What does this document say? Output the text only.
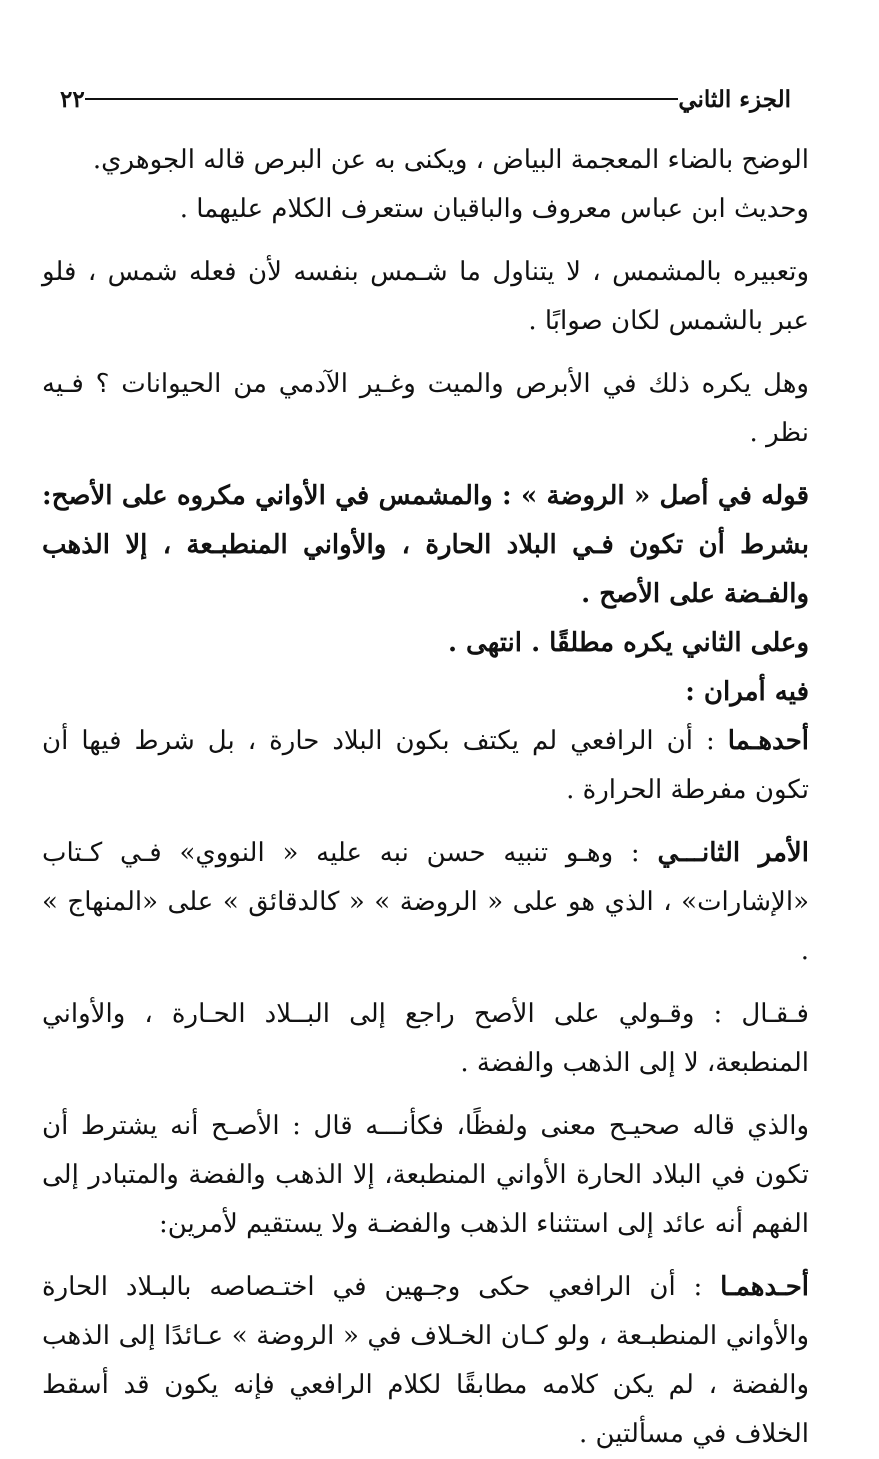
الجزء الثاني
٢٢

الوضح بالضاء المعجمة البياض ، ويكنى به عن البرص قاله الجوهري.

وحديث ابن عباس معروف والباقيان ستعرف الكلام عليهما .

وتعبيره بالمشمس ، لا يتناول ما شـمس بنفسه لأن فعله شمس ، فلو عبر بالشمس لكان صوابًا .

وهل يكره ذلك في الأبرص والميت وغـير الآدمي من الحيوانات ؟ فـيه نظر .

قوله في أصل « الروضة » : والمشمس في الأواني مكروه على الأصح: بشرط أن تكون فـي البلاد الحارة ، والأواني المنطبـعة ، إلا الذهب والفـضة على الأصح .

وعلى الثاني يكره مطلقًا . انتهى .

فيه أمران :

أحدهـما : أن الرافعي لم يكتف بكون البلاد حارة ، بل شرط فيها أن تكون مفرطة الحرارة .

الأمر الثانـــي : وهـو تنبيه حسن نبه عليه « النووي» فـي كـتاب «الإشارات» ، الذي هو على « الروضة » « كالدقائق » على «المنهاج » .

فـقـال : وقـولي على الأصح راجع إلى البــلاد الحـارة ، والأواني المنطبعة، لا إلى الذهب والفضة .

والذي قاله صحيـح معنى ولفظًا، فكأنـــه قال : الأصـح أنه يشترط أن تكون في البلاد الحارة الأواني المنطبعة، إلا الذهب والفضة والمتبادر إلى الفهم أنه عائد إلى استثناء الذهب والفضـة ولا يستقيم لأمرين:

أحـدهمـا : أن الرافعي حكى وجـهين في اختـصاصه بالبـلاد الحارة والأواني المنطبـعة ، ولو كـان الخـلاف في « الروضة » عـائدًا إلى الذهب والفضة ، لم يكن كلامه مطابقًا لكلام الرافعي فإنه يكون قد أسقط الخلاف في مسألتين .
